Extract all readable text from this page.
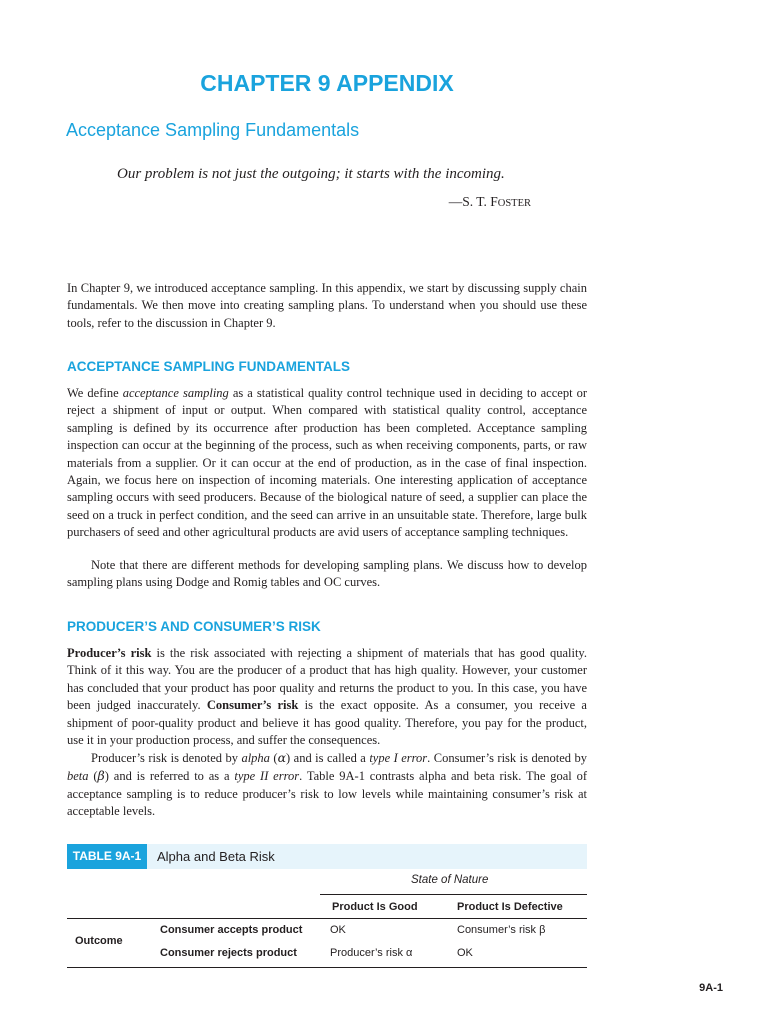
CHAPTER 9 APPENDIX
Acceptance Sampling Fundamentals
Our problem is not just the outgoing; it starts with the incoming.
—S. T. FOSTER

In Chapter 9, we introduced acceptance sampling. In this appendix, we start by discussing supply chain fundamentals. We then move into creating sampling plans. To understand when you should use these tools, refer to the discussion in Chapter 9.

ACCEPTANCE SAMPLING FUNDAMENTALS

We define acceptance sampling as a statistical quality control technique used in deciding to accept or reject a shipment of input or output. When compared with statistical quality control, acceptance sampling is defined by its occurrence after production has been completed. Acceptance sampling inspection can occur at the beginning of the process, such as when receiving components, parts, or raw materials from a supplier. Or it can occur at the end of production, as in the case of final inspection. Again, we focus here on inspection of incoming materials. One interesting application of acceptance sampling occurs with seed producers. Because of the biological nature of seed, a supplier can place the seed on a truck in perfect condition, and the seed can arrive in an unsuitable state. Therefore, large bulk purchasers of seed and other agricultural products are avid users of acceptance sampling techniques.

Note that there are different methods for developing sampling plans. We discuss how to develop sampling plans using Dodge and Romig tables and OC curves.

PRODUCER’S AND CONSUMER’S RISK

Producer’s risk is the risk associated with rejecting a shipment of materials that has good quality. Think of it this way. You are the producer of a product that has high quality. However, your customer has concluded that your product has poor quality and returns the product to you. In this case, you have been judged inaccurately. Consumer’s risk is the exact opposite. As a consumer, you receive a shipment of poor-quality product and believe it has good quality. Therefore, you pay for the product, use it in your production process, and suffer the consequences.

Producer’s risk is denoted by alpha (α) and is called a type I error. Consumer’s risk is denoted by beta (β) and is referred to as a type II error. Table 9A-1 contrasts alpha and beta risk. The goal of acceptance sampling is to reduce producer’s risk to low levels while maintaining consumer’s risk at acceptable levels.

TABLE 9A-1	Alpha and Beta Risk
State of Nature
Product Is Good	Product Is Defective
Outcome
Consumer accepts product	OK	Consumer’s risk β
Consumer rejects product	Producer’s risk α	OK
9A-1
